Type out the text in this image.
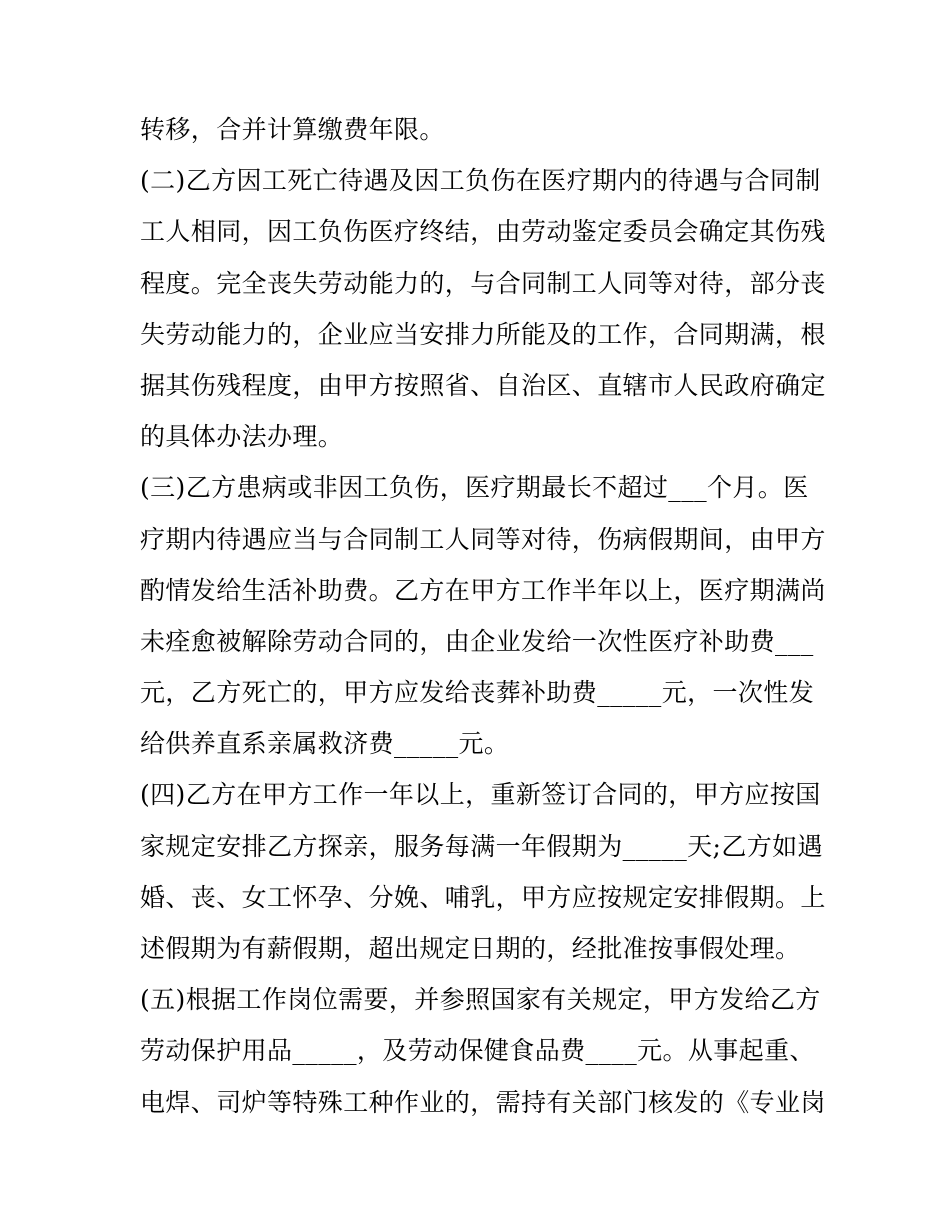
转移，合并计算缴费年限。
(二)乙方因工死亡待遇及因工负伤在医疗期内的待遇与合同制
工人相同，因工负伤医疗终结，由劳动鉴定委员会确定其伤残
程度。完全丧失劳动能力的，与合同制工人同等对待，部分丧
失劳动能力的，企业应当安排力所能及的工作，合同期满，根
据其伤残程度，由甲方按照省、自治区、直辖市人民政府确定
的具体办法办理。
(三)乙方患病或非因工负伤，医疗期最长不超过___个月。医
疗期内待遇应当与合同制工人同等对待，伤病假期间，由甲方
酌情发给生活补助费。乙方在甲方工作半年以上，医疗期满尚
未痊愈被解除劳动合同的，由企业发给一次性医疗补助费___
元，乙方死亡的，甲方应发给丧葬补助费_____元，一次性发
给供养直系亲属救济费_____元。
(四)乙方在甲方工作一年以上，重新签订合同的，甲方应按国
家规定安排乙方探亲，服务每满一年假期为_____天;乙方如遇
婚、丧、女工怀孕、分娩、哺乳，甲方应按规定安排假期。上
述假期为有薪假期，超出规定日期的，经批准按事假处理。
(五)根据工作岗位需要，并参照国家有关规定，甲方发给乙方
劳动保护用品_____，及劳动保健食品费____元。从事起重、
电焊、司炉等特殊工种作业的，需持有关部门核发的《专业岗
